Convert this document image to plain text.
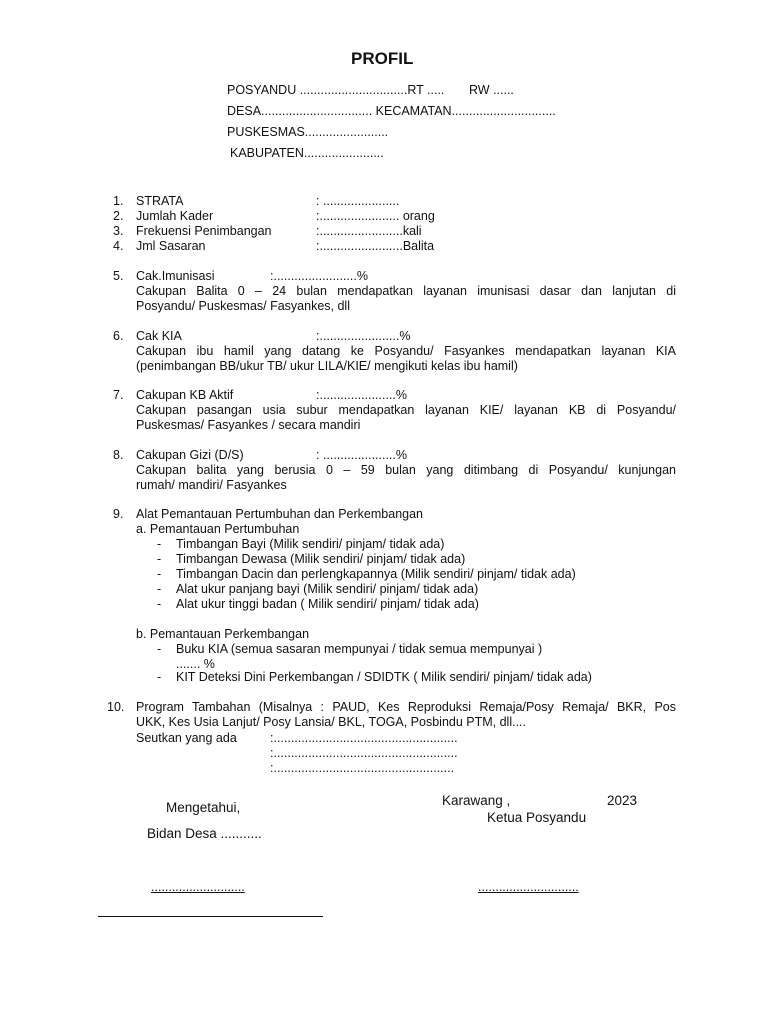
PROFIL
POSYANDU ...............................RT ..... RW ......
DESA................................ KECAMATAN..............................
PUSKESMAS........................
KABUPATEN.......................
1. STRATA	: ......................
2. Jumlah Kader	:....................... orang
3. Frekuensi Penimbangan	:........................kali
4. Jml Sasaran	:........................Balita
5. Cak.Imunisasi	:........................%
Cakupan Balita 0 – 24 bulan mendapatkan layanan imunisasi dasar dan lanjutan di
Posyandu/ Puskesmas/ Fasyankes, dll
6. Cak KIA	:.......................%
Cakupan ibu hamil yang datang ke Posyandu/ Fasyankes mendapatkan layanan KIA
(penimbangan BB/ukur TB/ ukur LILA/KIE/ mengikuti kelas ibu hamil)
7. Cakupan KB Aktif	:......................%
Cakupan pasangan usia subur mendapatkan layanan KIE/ layanan KB di Posyandu/
Puskesmas/ Fasyankes / secara mandiri
8. Cakupan Gizi (D/S)	: .....................%
Cakupan balita yang berusia 0 – 59 bulan yang ditimbang di Posyandu/ kunjungan
rumah/ mandiri/ Fasyankes
9. Alat Pemantauan Pertumbuhan dan Perkembangan
a. Pemantauan Pertumbuhan
- Timbangan Bayi (Milik sendiri/ pinjam/ tidak ada)
- Timbangan Dewasa (Milik sendiri/ pinjam/ tidak ada)
- Timbangan Dacin dan perlengkapannya (Milik sendiri/ pinjam/ tidak ada)
- Alat ukur panjang bayi (Milik sendiri/ pinjam/ tidak ada)
- Alat ukur tinggi badan ( Milik sendiri/ pinjam/ tidak ada)
b. Pemantauan Perkembangan
- Buku KIA (semua sasaran mempunyai / tidak semua mempunyai )
....... %
- KIT Deteksi Dini Perkembangan / SDIDTK ( Milik sendiri/ pinjam/ tidak ada)
10. Program Tambahan (Misalnya : PAUD, Kes Reproduksi Remaja/Posy Remaja/ BKR, Pos
UKK, Kes Usia Lanjut/ Posy Lansia/ BKL, TOGA, Posbindu PTM, dll....
Seutkan yang ada	:.....................................................
:.....................................................
:....................................................
Mengetahui,
Bidan Desa ...........
Karawang ,	2023
Ketua Posyandu
...........................	.............................
